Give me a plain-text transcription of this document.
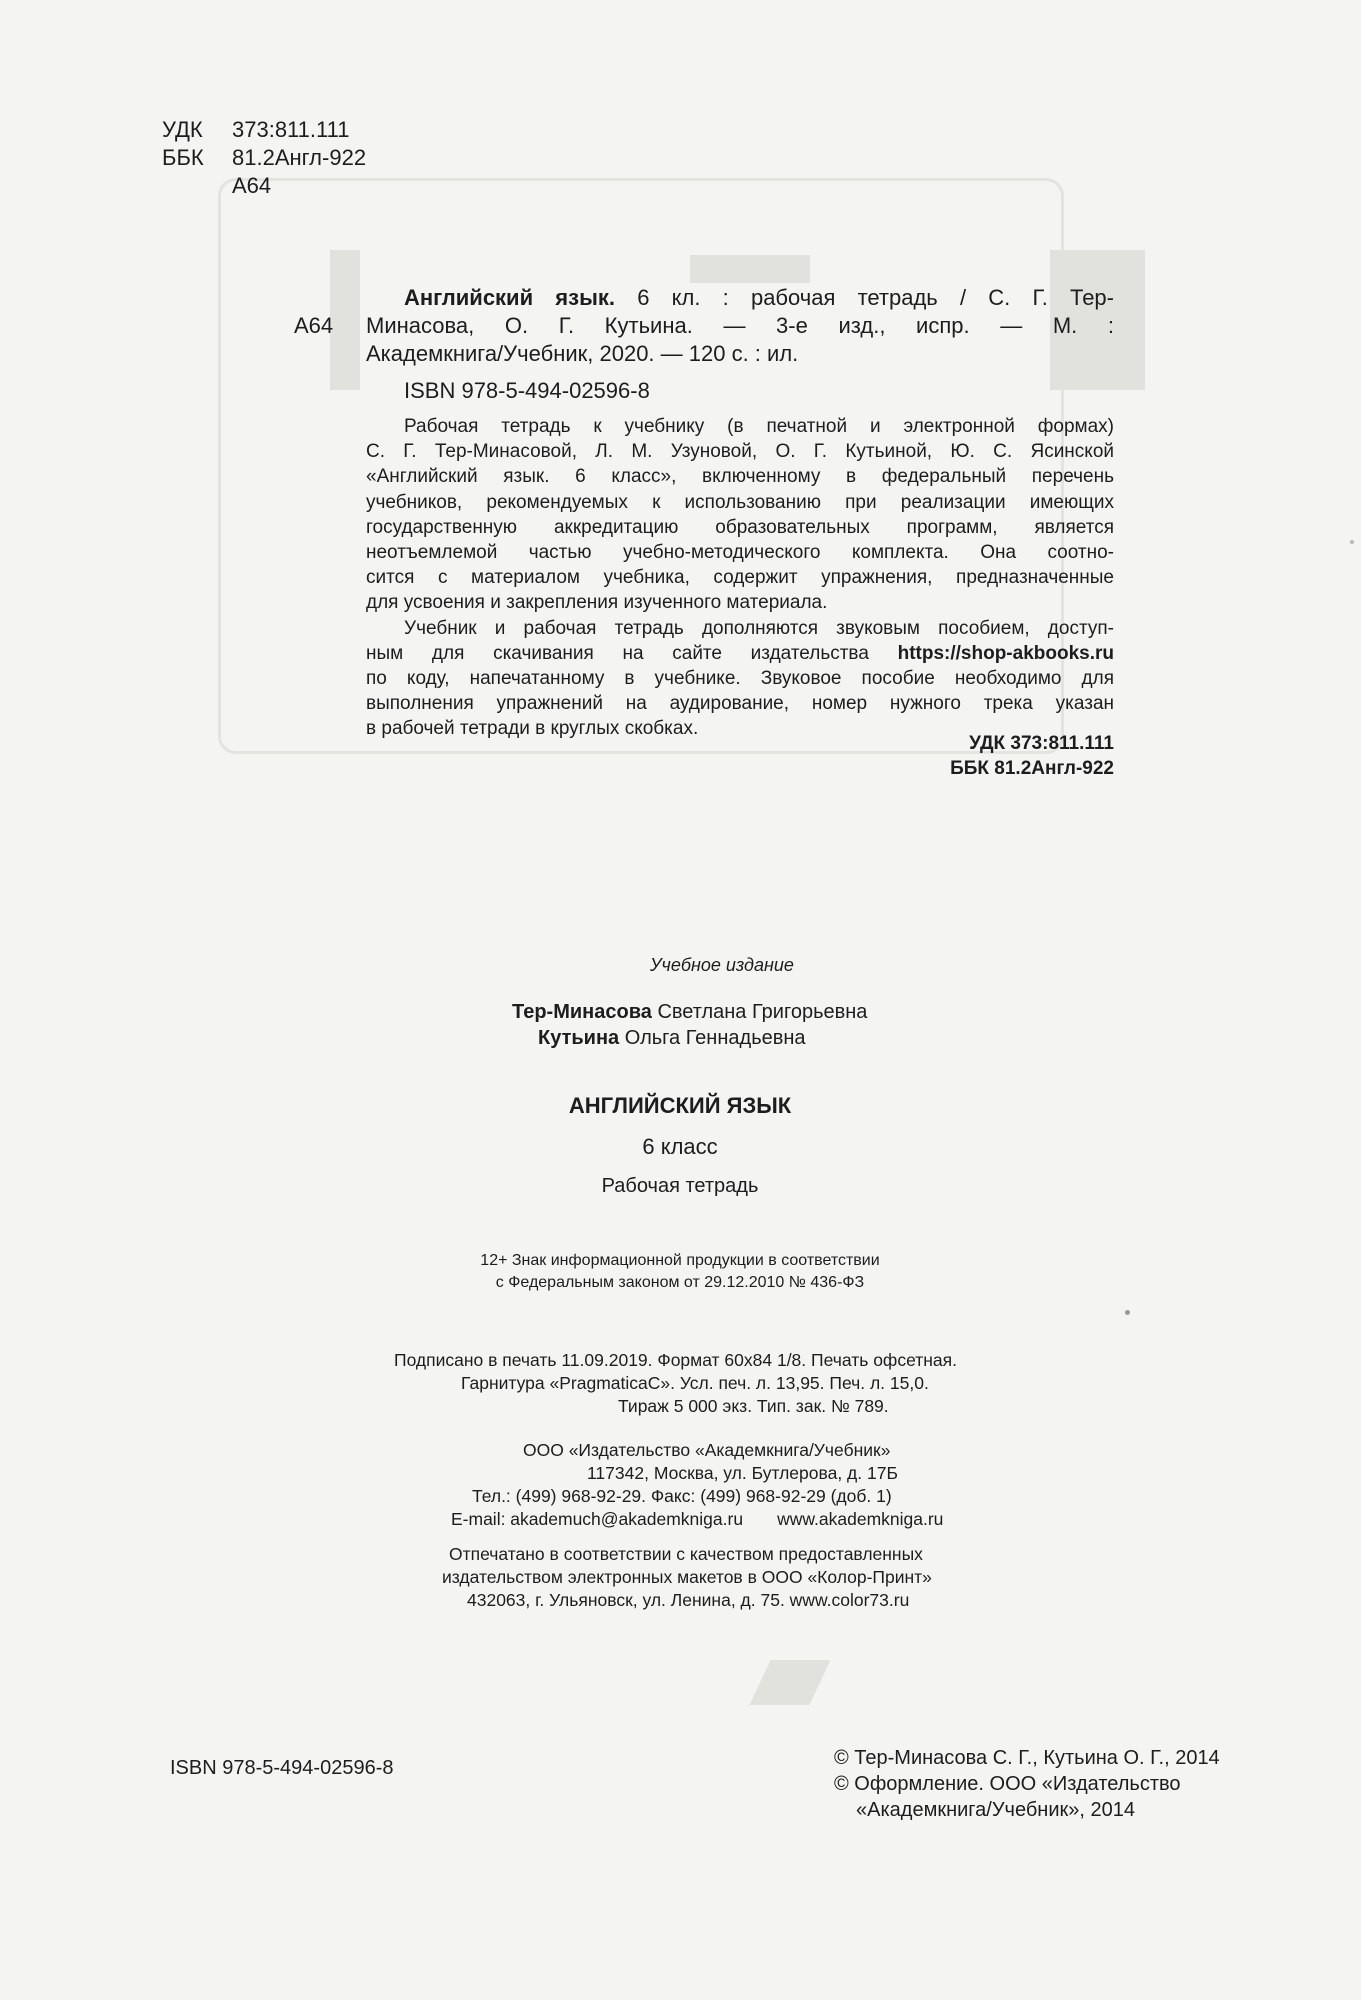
УДК 373:811.111
ББК 81.2Англ-922
А64
Английский язык. 6 кл. : рабочая тетрадь / С. Г. Тер-
А64 Минасова, О. Г. Кутьина. — 3-е изд., испр. — М. :
Академкнига/Учебник, 2020. — 120 с. : ил.
ISBN 978-5-494-02596-8
Рабочая тетрадь к учебнику (в печатной и электронной формах)
С. Г. Тер-Минасовой, Л. М. Узуновой, О. Г. Кутьиной, Ю. С. Ясинской
«Английский язык. 6 класс», включенному в федеральный перечень
учебников, рекомендуемых к использованию при реализации имеющих
государственную аккредитацию образовательных программ, является
неотъемлемой частью учебно-методического комплекта. Она соотно-
сится с материалом учебника, содержит упражнения, предназначенные
для усвоения и закрепления изученного материала.
Учебник и рабочая тетрадь дополняются звуковым пособием, доступ-
ным для скачивания на сайте издательства https://shop-akbooks.ru
по коду, напечатанному в учебнике. Звуковое пособие необходимо для
выполнения упражнений на аудирование, номер нужного трека указан
в рабочей тетради в круглых скобках.
УДК 373:811.111
ББК 81.2Англ-922
Учебное издание
Тер-Минасова Светлана Григорьевна
Кутьина Ольга Геннадьевна
АНГЛИЙСКИЙ ЯЗЫК
6 класс
Рабочая тетрадь
12+ Знак информационной продукции в соответствии
с Федеральным законом от 29.12.2010 № 436-ФЗ
Подписано в печать 11.09.2019. Формат 60x84 1/8. Печать офсетная.
Гарнитура «PragmaticaC». Усл. печ. л. 13,95. Печ. л. 15,0.
Тираж 5 000 экз. Тип. зак. № 789.
ООО «Издательство «Академкнига/Учебник»
117342, Москва, ул. Бутлерова, д. 17Б
Тел.: (499) 968-92-29. Факс: (499) 968-92-29 (доб. 1)
E-mail: akademuch@akademkniga.ru www.akademkniga.ru
Отпечатано в соответствии с качеством предоставленных
издательством электронных макетов в ООО «Колор-Принт»
432063, г. Ульяновск, ул. Ленина, д. 75. www.color73.ru
ISBN 978-5-494-02596-8	© Тер-Минасова С. Г., Кутьина О. Г., 2014
© Оформление. ООО «Издательство
«Академкнига/Учебник», 2014
